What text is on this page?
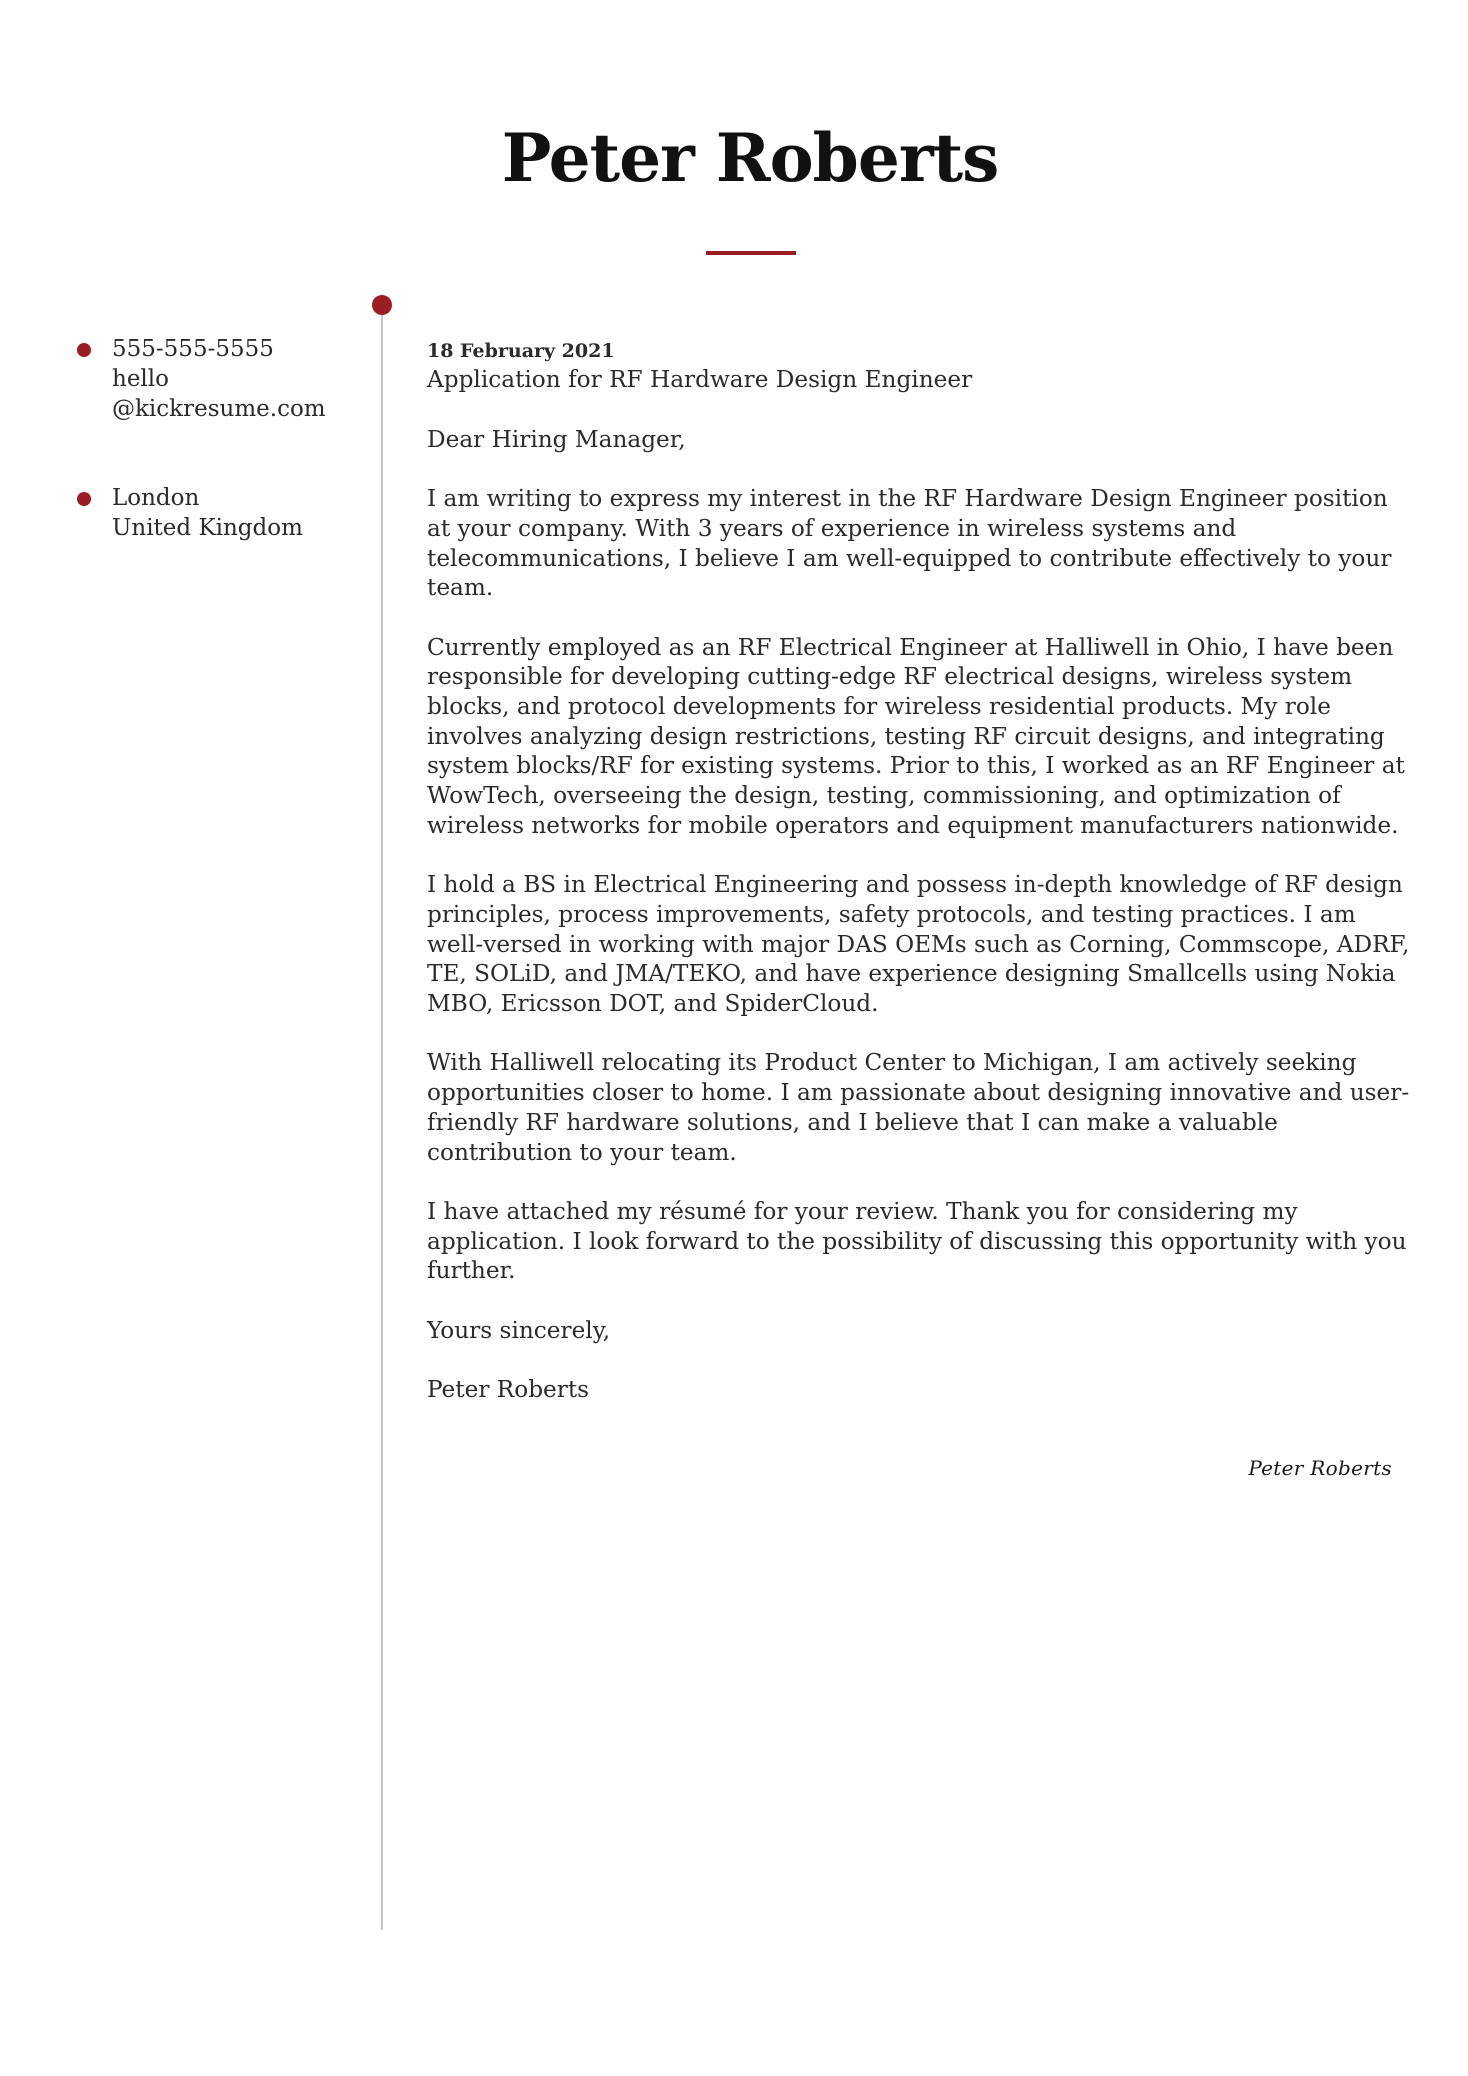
Peter Roberts
555-555-5555
hello
@kickresume.com
London
United Kingdom
18 February 2021
Application for RF Hardware Design Engineer

Dear Hiring Manager,

I am writing to express my interest in the RF Hardware Design Engineer position at your company. With 3 years of experience in wireless systems and telecommunications, I believe I am well-equipped to contribute effectively to your team.

Currently employed as an RF Electrical Engineer at Halliwell in Ohio, I have been responsible for developing cutting-edge RF electrical designs, wireless system blocks, and protocol developments for wireless residential products. My role involves analyzing design restrictions, testing RF circuit designs, and integrating system blocks/RF for existing systems. Prior to this, I worked as an RF Engineer at WowTech, overseeing the design, testing, commissioning, and optimization of wireless networks for mobile operators and equipment manufacturers nationwide.

I hold a BS in Electrical Engineering and possess in-depth knowledge of RF design principles, process improvements, safety protocols, and testing practices. I am well-versed in working with major DAS OEMs such as Corning, Commscope, ADRF, TE, SOLiD, and JMA/TEKO, and have experience designing Smallcells using Nokia MBO, Ericsson DOT, and SpiderCloud.

With Halliwell relocating its Product Center to Michigan, I am actively seeking opportunities closer to home. I am passionate about designing innovative and user-friendly RF hardware solutions, and I believe that I can make a valuable contribution to your team.

I have attached my résumé for your review. Thank you for considering my application. I look forward to the possibility of discussing this opportunity with you further.

Yours sincerely,

Peter Roberts

Peter Roberts
